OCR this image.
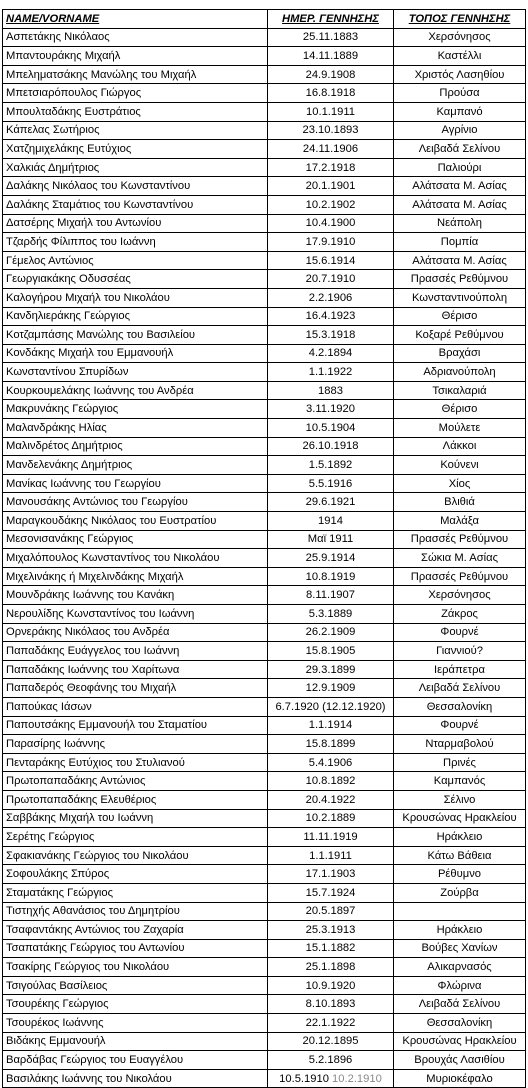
NAME/VORNAME	ΗΜΕΡ. ΓΕΝΝΗΣΗΣ	ΤΟΠΟΣ ΓΕΝΝΗΣΗΣ
Ασπετάκης Νικόλαος	25.11.1883	Χερσόνησος
Μπαντουράκης Μιχαήλ	14.11.1889	Καστέλλι
Μπεληματσάκης Μανώλης του Μιχαήλ	24.9.1908	Χριστός Λασηθίου
Μπετσιαρόπουλος Γιώργος	16.8.1918	Προύσα
Μπουλταδάκης Ευστράτιος	10.1.1911	Καμπανό
Κάπελας Σωτήριος	23.10.1893	Αγρίνιο
Χατζημιχελάκης Ευτύχιος	24.11.1906	Λειβαδά Σελίνου
Χαλκιάς Δημήτριος	17.2.1918	Παλιούρι
Δαλάκης Νικόλαος του Κωνσταντίνου	20.1.1901	Αλάτσατα Μ. Ασίας
Δαλάκης Σταμάτιος του Κωνσταντίνου	10.2.1902	Αλάτσατα Μ. Ασίας
Δατσέρης Μιχαήλ του Αντωνίου	10.4.1900	Νεάπολη
Τζαρδής Φίλιππος του Ιωάννη	17.9.1910	Πομπία
Γέμελος Αντώνιος	15.6.1914	Αλάτσατα Μ. Ασίας
Γεωργιακάκης Οδυσσέας	20.7.1910	Πρασσές Ρεθύμνου
Καλογήρου Μιχαήλ του Νικολάου	2.2.1906	Κωνσταντινούπολη
Κανδηλιεράκης Γεώργιος	16.4.1923	Θέρισο
Κοτζαμπάσης Μανώλης του Βασιλείου	15.3.1918	Κοξαρέ Ρεθύμνου
Κονδάκης Μιχαήλ του Εμμανουήλ	4.2.1894	Βραχάσι
Κωνσταντίνου Σπυρίδων	1.1.1922	Αδριανούπολη
Κουρκουμελάκης Ιωάννης του Ανδρέα	1883	Τσικαλαριά
Μακρυνάκης Γεώργιος	3.11.1920	Θέρισο
Μαλανδράκης Ηλίας	10.5.1904	Μούλετε
Μαλινδρέτος Δημήτριος	26.10.1918	Λάκκοι
Μανδελενάκης Δημήτριος	1.5.1892	Κούνενι
Μανίκας Ιωάννης του Γεωργίου	5.5.1916	Χίος
Μανουσάκης Αντώνιος του Γεωργίου	29.6.1921	Βλιθιά
Μαραγκουδάκης Νικόλαος του Ευστρατίου	1914	Μαλάξα
Μεσονισανάκης Γεώργιος	Μαϊ 1911	Πρασσές Ρεθύμνου
Μιχαλόπουλος Κωνσταντίνος του Νικολάου	25.9.1914	Σώκια Μ. Ασίας
Μιχελινάκης ή Μιχελινδάκης Μιχαήλ	10.8.1919	Πρασσές Ρεθύμνου
Μουνδράκης Ιωάννης του Κανάκη	8.11.1907	Χερσόνησος
Νερουλίδης Κωνσταντίνος του Ιωάννη	5.3.1889	Ζάκρος
Ορνεράκης Νικόλαος του Ανδρέα	26.2.1909	Φουρνέ
Παπαδάκης Ευάγγελος του Ιωάννη	15.8.1905	Γιαννιού?
Παπαδάκης Ιωάννης του Χαρίτωνα	29.3.1899	Ιεράπετρα
Παπαδερός Θεοφάνης του Μιχαήλ	12.9.1909	Λειβαδά Σελίνου
Παπούκας Ιάσων	6.7.1920 (12.12.1920)	Θεσσαλονίκη
Παπουτσάκης Εμμανουήλ του Σταματίου	1.1.1914	Φουρνέ
Παρασίρης Ιωάννης	15.8.1899	Νταρμαβολού
Πενταράκης Ευτύχιος του Στυλιανού	5.4.1906	Πρινές
Πρωτοπαπαδάκης Αντώνιος	10.8.1892	Καμπανός
Πρωτοπαπαδάκης Ελευθέριος	20.4.1922	Σέλινο
Σαββάκης Μιχαήλ του Ιωάννη	10.2.1889	Κρουσώνας Ηρακλείου
Σερέτης Γεώργιος	11.11.1919	Ηράκλειο
Σφακιανάκης Γεώργιος του Νικολάου	1.1.1911	Κάτω Βάθεια
Σοφουλάκης Σπύρος	17.1.1903	Ρέθυμνο
Σταματάκης Γεώργιος	15.7.1924	Ζούρβα
Τιστηχής Αθανάσιος του Δημητρίου	20.5.1897	
Τσαφαντάκης Αντώνιος του Ζαχαρία	25.3.1913	Ηράκλειο
Τσαπατάκης Γεώργιος του Αντωνίου	15.1.1882	Βούβες Χανίων
Τσακίρης Γεώργιος του Νικολάου	25.1.1898	Αλικαρνασός
Τσιγούλας Βασίλειος	10.9.1920	Φλώρινα
Τσουρέκης Γεώργιος	8.10.1893	Λειβαδά Σελίνου
Τσουρέκος Ιωάννης	22.1.1922	Θεσσαλονίκη
Βιδάκης Εμμανουήλ	20.12.1895	Κρουσώνας Ηρακλείου
Βαρδάβας Γεώργιος του Ευαγγέλου	5.2.1896	Βρουχάς Λασιθίου
Βασιλάκης Ιωάννης του Νικολάου	10.5.1910 10.2.1910	Μυριοκέφαλο
